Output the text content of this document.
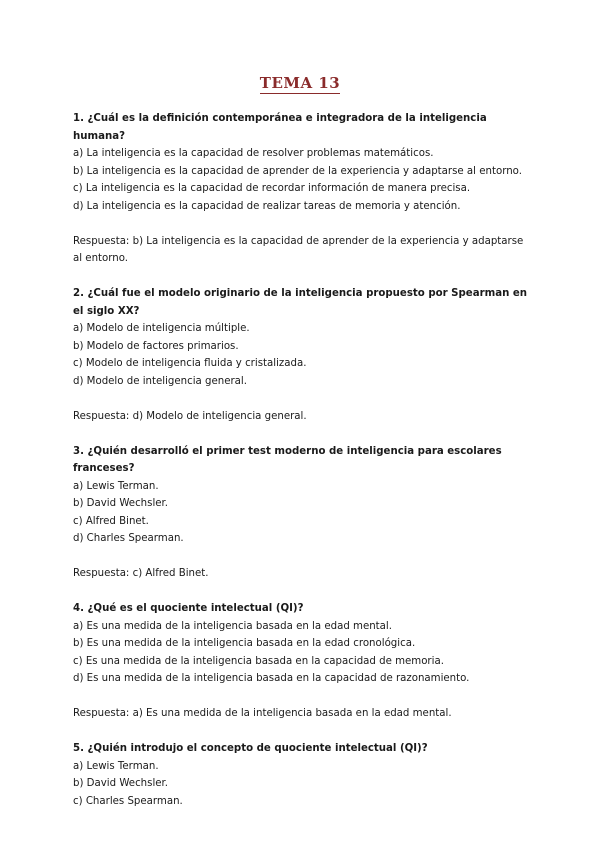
TEMA 13

1. ¿Cuál es la definición contemporánea e integradora de la inteligencia humana?

a) La inteligencia es la capacidad de resolver problemas matemáticos.

b) La inteligencia es la capacidad de aprender de la experiencia y adaptarse al entorno.

c) La inteligencia es la capacidad de recordar información de manera precisa.

d) La inteligencia es la capacidad de realizar tareas de memoria y atención.

Respuesta: b) La inteligencia es la capacidad de aprender de la experiencia y adaptarse al entorno.

2. ¿Cuál fue el modelo originario de la inteligencia propuesto por Spearman en el siglo XX?

a) Modelo de inteligencia múltiple.

b) Modelo de factores primarios.

c) Modelo de inteligencia fluida y cristalizada.

d) Modelo de inteligencia general.

Respuesta: d) Modelo de inteligencia general.

3. ¿Quién desarrolló el primer test moderno de inteligencia para escolares franceses?

a) Lewis Terman.

b) David Wechsler.

c) Alfred Binet.

d) Charles Spearman.

Respuesta: c) Alfred Binet.

4. ¿Qué es el quociente intelectual (QI)?

a) Es una medida de la inteligencia basada en la edad mental.

b) Es una medida de la inteligencia basada en la edad cronológica.

c) Es una medida de la inteligencia basada en la capacidad de memoria.

d) Es una medida de la inteligencia basada en la capacidad de razonamiento.

Respuesta: a) Es una medida de la inteligencia basada en la edad mental.

5. ¿Quién introdujo el concepto de quociente intelectual (QI)?

a) Lewis Terman.

b) David Wechsler.

c) Charles Spearman.
